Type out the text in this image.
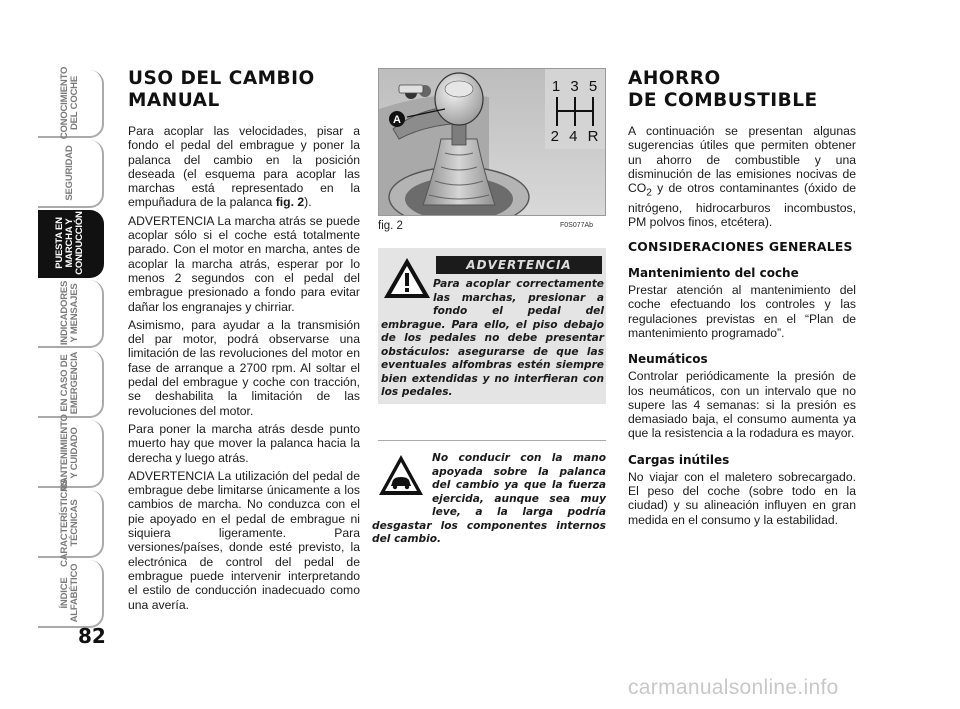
CONOCIMIENTO
DEL COCHE
SEGURIDAD
PUESTA EN
MARCHA Y
CONDUCCIÓN
INDICADORES
Y MENSAJES
EN CASO DE
EMERGENCIA
MANTENIMIENTO
Y CUIDADO
CARACTERÍSTICAS
TÉCNICAS
ÍNDICE
ALFABÉTICO
82
USO DEL CAMBIO
MANUAL

Para acoplar las velocidades, pisar a fondo el pedal del embrague y poner la palanca del cambio en la posición deseada (el esquema para acoplar las marchas está representado en la empuñadura de la palanca fig. 2).

ADVERTENCIA La marcha atrás se puede acoplar sólo si el coche está totalmente parado. Con el motor en marcha, antes de acoplar la marcha atrás, esperar por lo menos 2 segundos con el pedal del embrague presionado a fondo para evitar dañar los engranajes y chirriar.

Asimismo, para ayudar a la transmisión del par motor, podrá observarse una limitación de las revoluciones del motor en fase de arranque a 2700 rpm. Al soltar el pedal del embrague y coche con tracción, se deshabilita la limitación de las revoluciones del motor.

Para poner la marcha atrás desde punto muerto hay que mover la palanca hacia la derecha y luego atrás.

ADVERTENCIA La utilización del pedal de embrague debe limitarse únicamente a los cambios de marcha. No conduzca con el pie apoyado en el pedal de embrague ni siquiera ligeramente. Para versiones/países, donde esté previsto, la electrónica de control del pedal de embrague puede intervenir interpretando el estilo de conducción inadecuado como una avería.

A
1 3 5
2 4 R
fig. 2	F0S077Ab
ADVERTENCIA
Para acoplar correctamente las marchas, presionar a fondo el pedal del embrague. Para ello, el piso debajo de los pedales no debe presentar obstáculos: asegurarse de que las eventuales alfombras estén siempre bien extendidas y no interfieran con los pedales.
No conducir con la mano apoyada sobre la palanca del cambio ya que la fuerza ejercida, aunque sea muy leve, a la larga podría desgastar los componentes internos del cambio.
AHORRO
DE COMBUSTIBLE

A continuación se presentan algunas sugerencias útiles que permiten obtener un ahorro de combustible y una disminución de las emisiones nocivas de $CO_2$ y de otros contaminantes (óxido de nitrógeno, hidrocarburos incombustos, PM polvos finos, etcétera).

CONSIDERACIONES GENERALES
Mantenimiento del coche

Prestar atención al mantenimiento del coche efectuando los controles y las regulaciones previstas en el “Plan de mantenimiento programado”.

Neumáticos

Controlar periódicamente la presión de los neumáticos, con un intervalo que no supere las 4 semanas: si la presión es demasiado baja, el consumo aumenta ya que la resistencia a la rodadura es mayor.

Cargas inútiles

No viajar con el maletero sobrecargado. El peso del coche (sobre todo en la ciudad) y su alineación influyen en gran medida en el consumo y la estabilidad.

carmanualsonline.info
